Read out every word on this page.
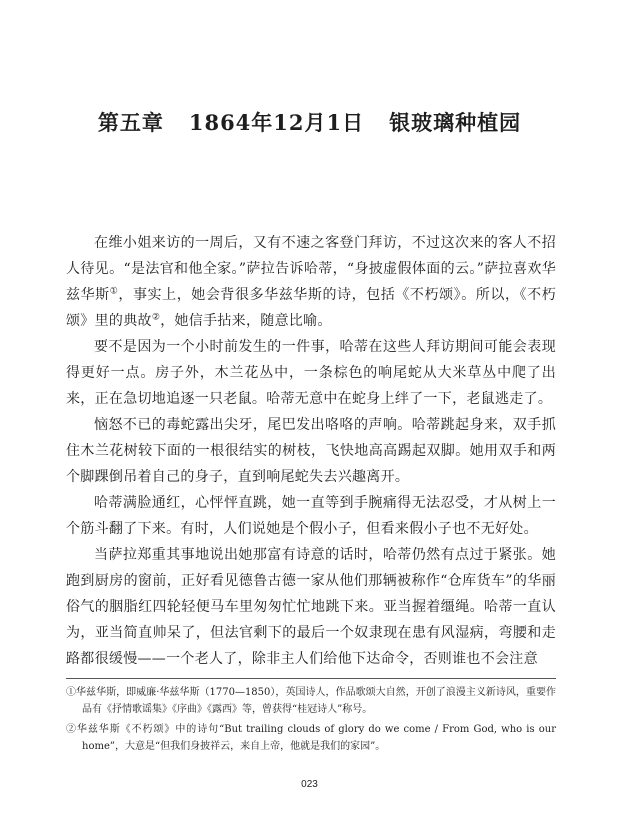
第五章 1864年12月1日 银玻璃种植园

在维小姐来访的一周后，又有不速之客登门拜访，不过这次来的客人不招人待见。“是法官和他全家。”萨拉告诉哈蒂，“身披虚假体面的云。”萨拉喜欢华兹华斯①，事实上，她会背很多华兹华斯的诗，包括《不朽颂》。所以，《不朽颂》里的典故②，她信手拈来，随意比喻。

要不是因为一个小时前发生的一件事，哈蒂在这些人拜访期间可能会表现得更好一点。房子外，木兰花丛中，一条棕色的响尾蛇从大米草丛中爬了出来，正在急切地追逐一只老鼠。哈蒂无意中在蛇身上绊了一下，老鼠逃走了。

恼怒不已的毒蛇露出尖牙，尾巴发出咯咯的声响。哈蒂跳起身来，双手抓住木兰花树较下面的一根很结实的树枝，飞快地高高踢起双脚。她用双手和两个脚踝倒吊着自己的身子，直到响尾蛇失去兴趣离开。

哈蒂满脸通红，心怦怦直跳，她一直等到手腕痛得无法忍受，才从树上一个筋斗翻了下来。有时，人们说她是个假小子，但看来假小子也不无好处。

当萨拉郑重其事地说出她那富有诗意的话时，哈蒂仍然有点过于紧张。她跑到厨房的窗前，正好看见德鲁古德一家从他们那辆被称作“仓库货车”的华丽俗气的胭脂红四轮轻便马车里匆匆忙忙地跳下来。亚当握着缰绳。哈蒂一直认为，亚当简直帅呆了，但法官剩下的最后一个奴隶现在患有风湿病，弯腰和走路都很缓慢——一个老人了，除非主人们给他下达命令，否则谁也不会注意

①华兹华斯，即威廉·华兹华斯（1770—1850），英国诗人，作品歌颂大自然，开创了浪漫主义新诗风，重要作品有《抒情歌谣集》《序曲》《露西》等，曾获得“桂冠诗人”称号。

②华兹华斯《不朽颂》中的诗句“But trailing clouds of glory do we come / From God, who is our home”，大意是“但我们身披祥云，来自上帝，他就是我们的家园”。

023
